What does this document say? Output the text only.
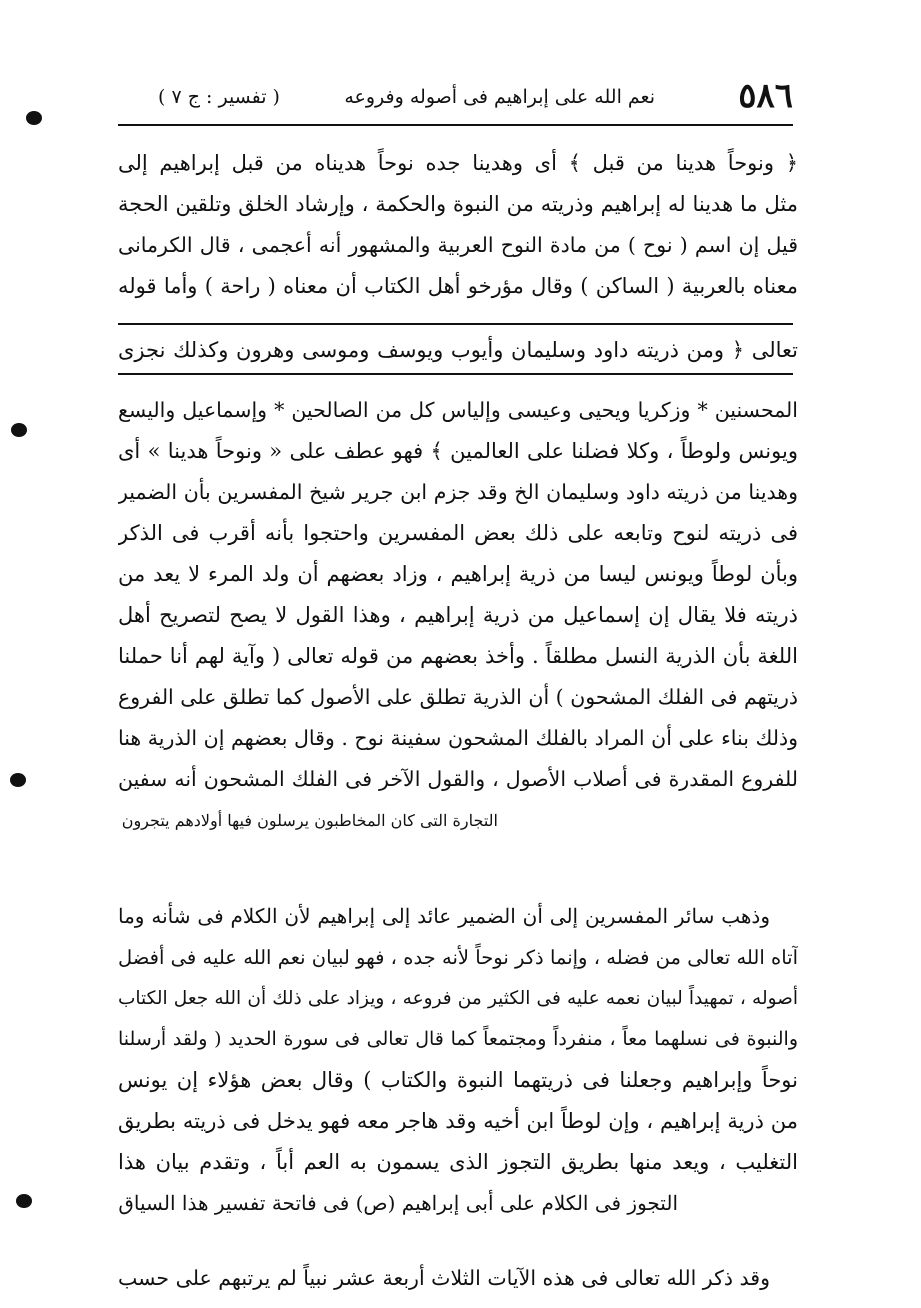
٥٨٦
نعم الله على إبراهيم فى أصوله وفروعه
( تفسير : ج ٧ )
﴿ ونوحاً هدينا من قبل ﴾ أى وهدينا جده نوحاً هديناه من قبل إبراهيم إلى
مثل ما هدينا له إبراهيم وذريته من النبوة والحكمة ، وإرشاد الخلق وتلقين الحجة
قيل إن اسم ( نوح ) من مادة النوح العربية والمشهور أنه أعجمى ، قال الكرمانى
معناه بالعربية ( الساكن ) وقال مؤرخو أهل الكتاب أن معناه ( راحة ) وأما قوله
تعالى ﴿ ومن ذريته داود وسليمان وأيوب ويوسف وموسى وهرون وكذلك نجزى
المحسنين * وزكريا ويحيى وعيسى وإلياس كل من الصالحين * وإسماعيل واليسع
ويونس ولوطاً ، وكلا فضلنا على العالمين ﴾ فهو عطف على « ونوحاً هدينا » أى
وهدينا من ذريته داود وسليمان الخ وقد جزم ابن جرير شيخ المفسرين بأن الضمير
فى ذريته لنوح وتابعه على ذلك بعض المفسرين واحتجوا بأنه أقرب فى الذكر
وبأن لوطاً ويونس ليسا من ذرية إبراهيم ، وزاد بعضهم أن ولد المرء لا يعد من
ذريته فلا يقال إن إسماعيل من ذرية إبراهيم ، وهذا القول لا يصح لتصريح أهل
اللغة بأن الذرية النسل مطلقاً . وأخذ بعضهم من قوله تعالى ( وآية لهم أنا حملنا
ذريتهم فى الفلك المشحون ) أن الذرية تطلق على الأصول كما تطلق على الفروع
وذلك بناء على أن المراد بالفلك المشحون سفينة نوح . وقال بعضهم إن الذرية هنا
للفروع المقدرة فى أصلاب الأصول ، والقول الآخر فى الفلك المشحون أنه سفين
التجارة التى كان المخاطبون يرسلون فيها أولادهم يتجرون
وذهب سائر المفسرين إلى أن الضمير عائد إلى إبراهيم لأن الكلام فى شأنه وما
آتاه الله تعالى من فضله ، وإنما ذكر نوحاً لأنه جده ، فهو لبيان نعم الله عليه فى أفضل
أصوله ، تمهيداً لبيان نعمه عليه فى الكثير من فروعه ، ويزاد على ذلك أن الله جعل الكتاب
والنبوة فى نسلهما معاً ، منفرداً ومجتمعاً كما قال تعالى فى سورة الحديد ( ولقد أرسلنا
نوحاً وإبراهيم وجعلنا فى ذريتهما النبوة والكتاب ) وقال بعض هؤلاء إن يونس
من ذرية إبراهيم ، وإن لوطاً ابن أخيه وقد هاجر معه فهو يدخل فى ذريته بطريق
التغليب ، ويعد منها بطريق التجوز الذى يسمون به العم أباً ، وتقدم بيان هذا
التجوز فى الكلام على أبى إبراهيم (ص) فى فاتحة تفسير هذا السياق
وقد ذكر الله تعالى فى هذه الآيات الثلاث أربعة عشر نبياً لم يرتبهم على حسب
